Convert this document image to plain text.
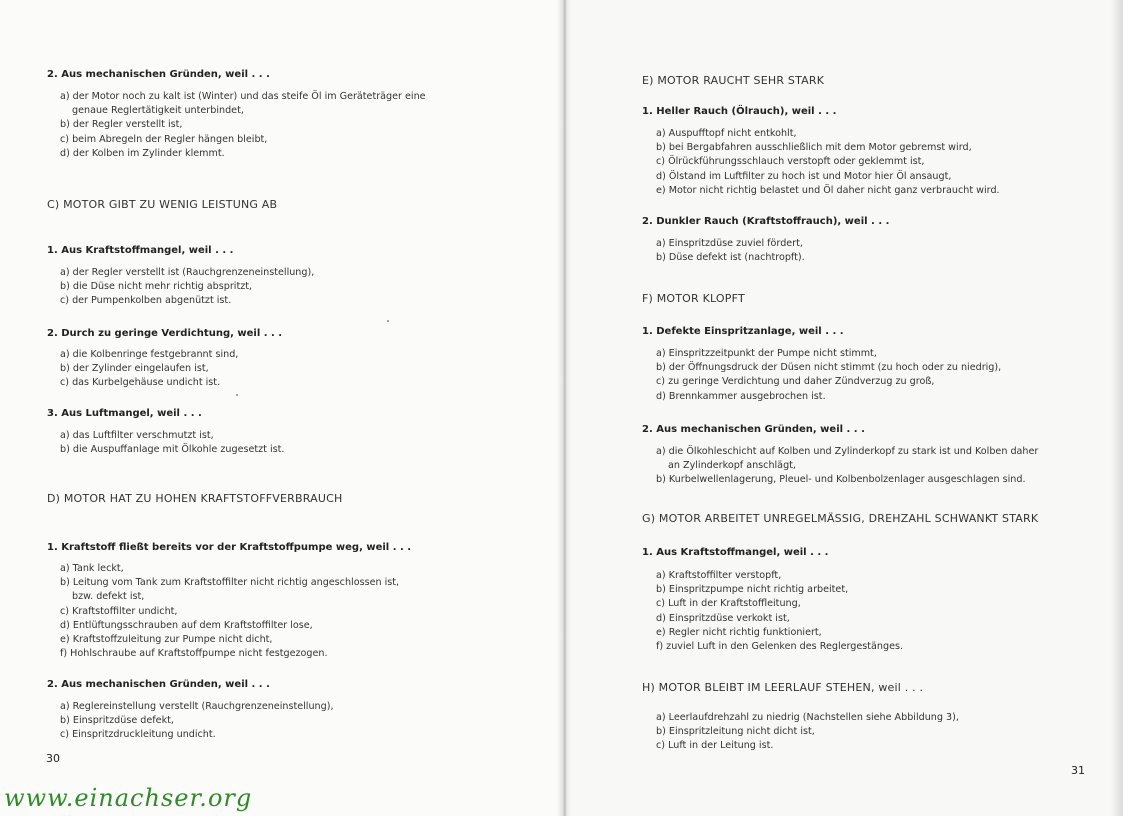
2. Aus mechanischen Gründen, weil . . .
a) der Motor noch zu kalt ist (Winter) und das steife Öl im Geräteträger eine
genaue Reglertätigkeit unterbindet,
b) der Regler verstellt ist,
c) beim Abregeln der Regler hängen bleibt,
d) der Kolben im Zylinder klemmt.
C) MOTOR GIBT ZU WENIG LEISTUNG AB
1. Aus Kraftstoffmangel, weil . . .
a) der Regler verstellt ist (Rauchgrenzeneinstellung),
b) die Düse nicht mehr richtig abspritzt,
c) der Pumpenkolben abgenützt ist.
2. Durch zu geringe Verdichtung, weil . . .
a) die Kolbenringe festgebrannt sind,
b) der Zylinder eingelaufen ist,
c) das Kurbelgehäuse undicht ist.
3. Aus Luftmangel, weil . . .
a) das Luftfilter verschmutzt ist,
b) die Auspuffanlage mit Ölkohle zugesetzt ist.
D) MOTOR HAT ZU HOHEN KRAFTSTOFFVERBRAUCH
1. Kraftstoff fließt bereits vor der Kraftstoffpumpe weg, weil . . .
a) Tank leckt,
b) Leitung vom Tank zum Kraftstoffilter nicht richtig angeschlossen ist,
bzw. defekt ist,
c) Kraftstoffilter undicht,
d) Entlüftungsschrauben auf dem Kraftstoffilter lose,
e) Kraftstoffzuleitung zur Pumpe nicht dicht,
f) Hohlschraube auf Kraftstoffpumpe nicht festgezogen.
2. Aus mechanischen Gründen, weil . . .
a) Reglereinstellung verstellt (Rauchgrenzeneinstellung),
b) Einspritzdüse defekt,
c) Einspritzdruckleitung undicht.
30
E) MOTOR RAUCHT SEHR STARK
1. Heller Rauch (Ölrauch), weil . . .
a) Auspufftopf nicht entkohlt,
b) bei Bergabfahren ausschließlich mit dem Motor gebremst wird,
c) Ölrückführungsschlauch verstopft oder geklemmt ist,
d) Ölstand im Luftfilter zu hoch ist und Motor hier Öl ansaugt,
e) Motor nicht richtig belastet und Öl daher nicht ganz verbraucht wird.
2. Dunkler Rauch (Kraftstoffrauch), weil . . .
a) Einspritzdüse zuviel fördert,
b) Düse defekt ist (nachtropft).
F) MOTOR KLOPFT
1. Defekte Einspritzanlage, weil . . .
a) Einspritzzeitpunkt der Pumpe nicht stimmt,
b) der Öffnungsdruck der Düsen nicht stimmt (zu hoch oder zu niedrig),
c) zu geringe Verdichtung und daher Zündverzug zu groß,
d) Brennkammer ausgebrochen ist.
2. Aus mechanischen Gründen, weil . . .
a) die Ölkohleschicht auf Kolben und Zylinderkopf zu stark ist und Kolben daher
an Zylinderkopf anschlägt,
b) Kurbelwellenlagerung, Pleuel- und Kolbenbolzenlager ausgeschlagen sind.
G) MOTOR ARBEITET UNREGELMÄSSIG, DREHZAHL SCHWANKT STARK
1. Aus Kraftstoffmangel, weil . . .
a) Kraftstoffilter verstopft,
b) Einspritzpumpe nicht richtig arbeitet,
c) Luft in der Kraftstoffleitung,
d) Einspritzdüse verkokt ist,
e) Regler nicht richtig funktioniert,
f) zuviel Luft in den Gelenken des Reglergestänges.
H) MOTOR BLEIBT IM LEERLAUF STEHEN, weil . . .
a) Leerlaufdrehzahl zu niedrig (Nachstellen siehe Abbildung 3),
b) Einspritzleitung nicht dicht ist,
c) Luft in der Leitung ist.
31
www.einachser.org
